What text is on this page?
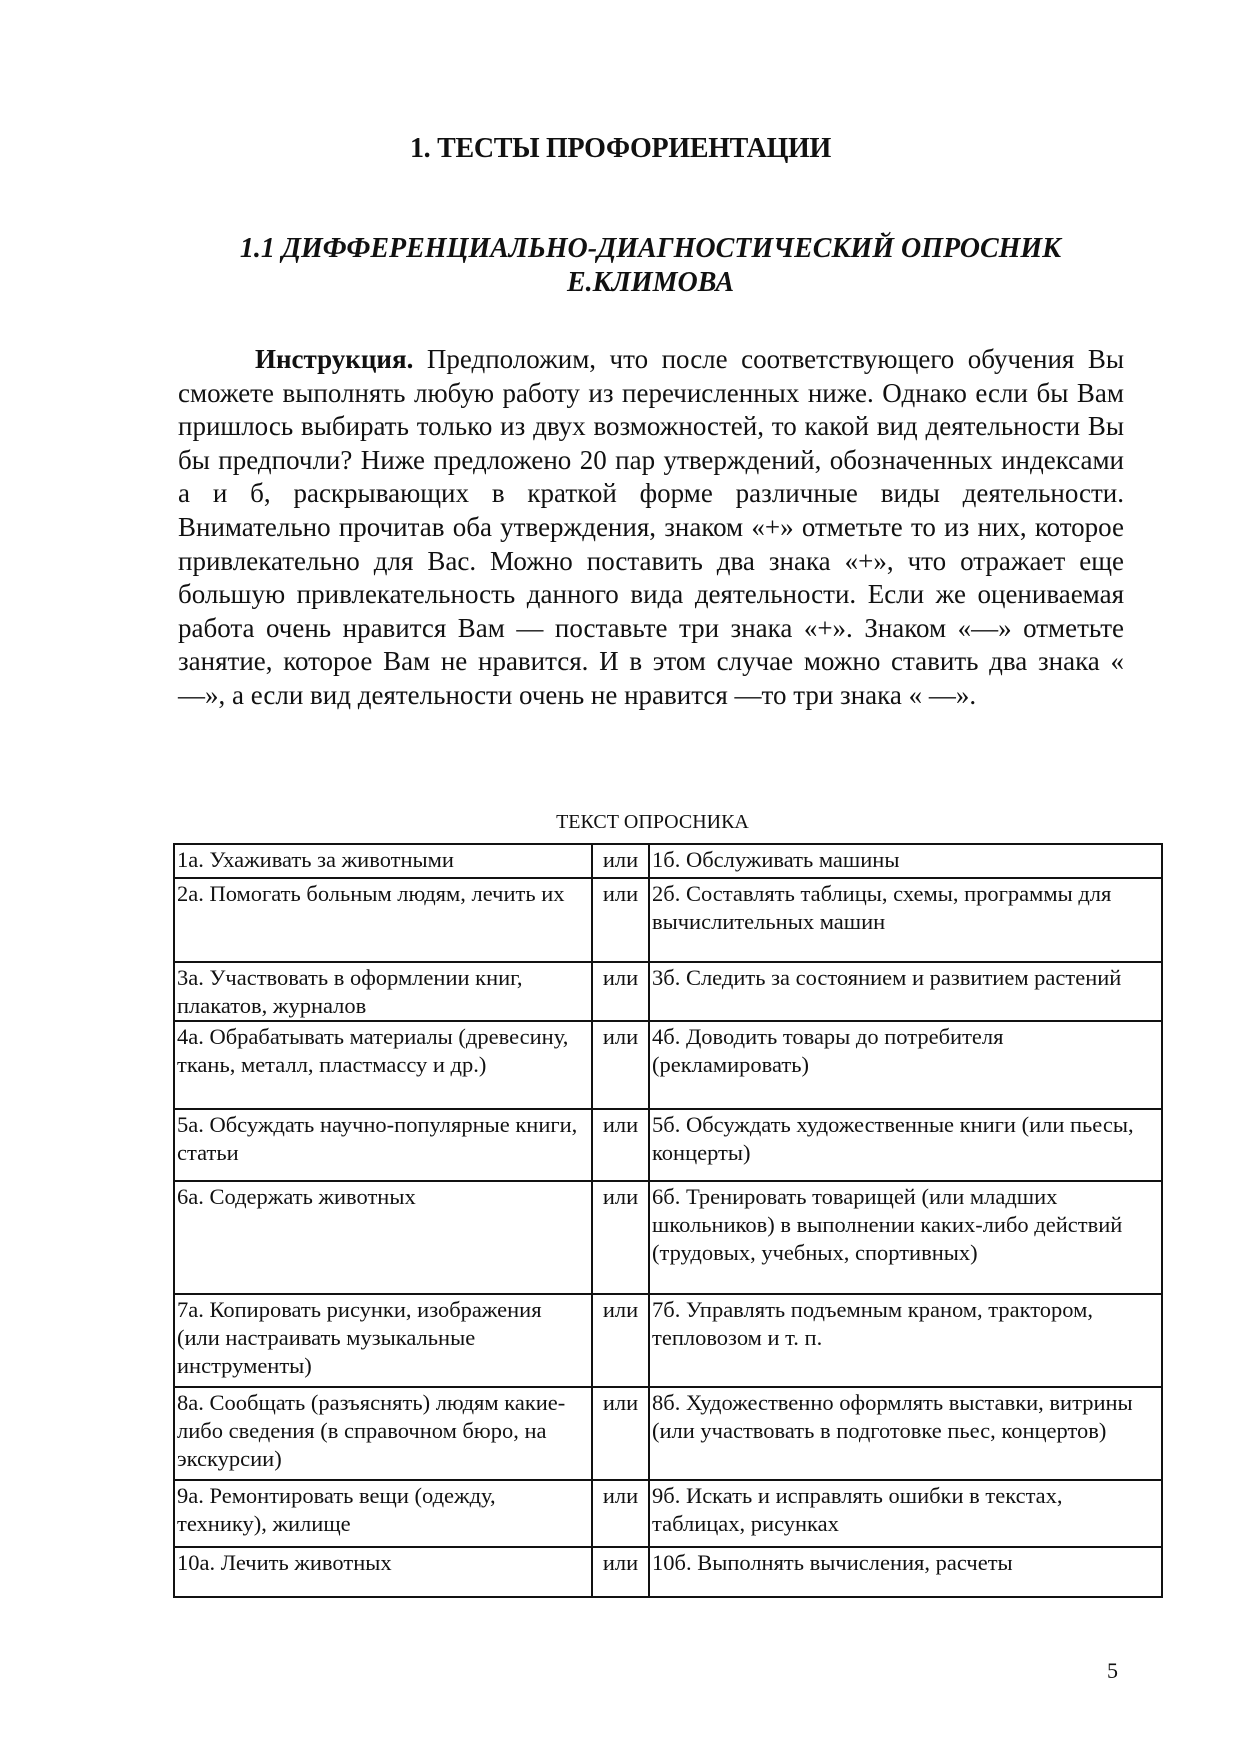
1. ТЕСТЫ ПРОФОРИЕНТАЦИИ
1.1 ДИФФЕРЕНЦИАЛЬНО-ДИАГНОСТИЧЕСКИЙ ОПРОСНИК
Е.КЛИМОВА
Инструкция. Предположим, что после соответствующего обучения Вы сможете выполнять любую работу из перечисленных ниже. Однако если бы Вам пришлось выбирать только из двух возможностей, то какой вид деятельности Вы бы предпочли? Ниже предложено 20 пар утверждений, обозначенных индексами а и б, раскрывающих в краткой форме различные виды деятельности. Внимательно прочитав оба утверждения, знаком «+» отметьте то из них, которое привлекательно для Вас. Можно поставить два знака «+», что отражает еще большую привлекательность данного вида деятельности. Если же оцениваемая работа очень нравится Вам — поставьте три знака «+». Знаком «—» отметьте занятие, которое Вам не нравится. И в этом случае можно ставить два знака « —», а если вид деятельности очень не нравится —то три знака « —».
ТЕКСТ ОПРОСНИКА
1а. Ухаживать за животными	или	1б. Обслуживать машины
2а. Помогать больным людям, лечить их	или	2б. Составлять таблицы, схемы, программы для вычислительных машин
3а. Участвовать в оформлении книг, плакатов, журналов	или	3б. Следить за состоянием и развитием растений
4а. Обрабатывать материалы (древесину, ткань, металл, пластмассу и др.)	или	4б. Доводить товары до потребителя (рекламировать)
5а. Обсуждать научно-популярные книги, статьи	или	5б. Обсуждать художественные книги (или пьесы, концерты)
6а. Содержать животных	или	6б. Тренировать товарищей (или младших школьников) в выполнении каких-либо действий (трудовых, учебных, спортивных)
7а. Копировать рисунки, изображения (или настраивать музыкальные инструменты)	или	7б. Управлять подъемным краном, трактором, тепловозом и т. п.
8а. Сообщать (разъяснять) людям какие-либо сведения (в справочном бюро, на экскурсии)	или	8б. Художественно оформлять выставки, витрины (или участвовать в подготовке пьес, концертов)
9а. Ремонтировать вещи (одежду, технику), жилище	или	9б. Искать и исправлять ошибки в текстах, таблицах, рисунках
10а. Лечить животных	или	10б. Выполнять вычисления, расчеты
5
